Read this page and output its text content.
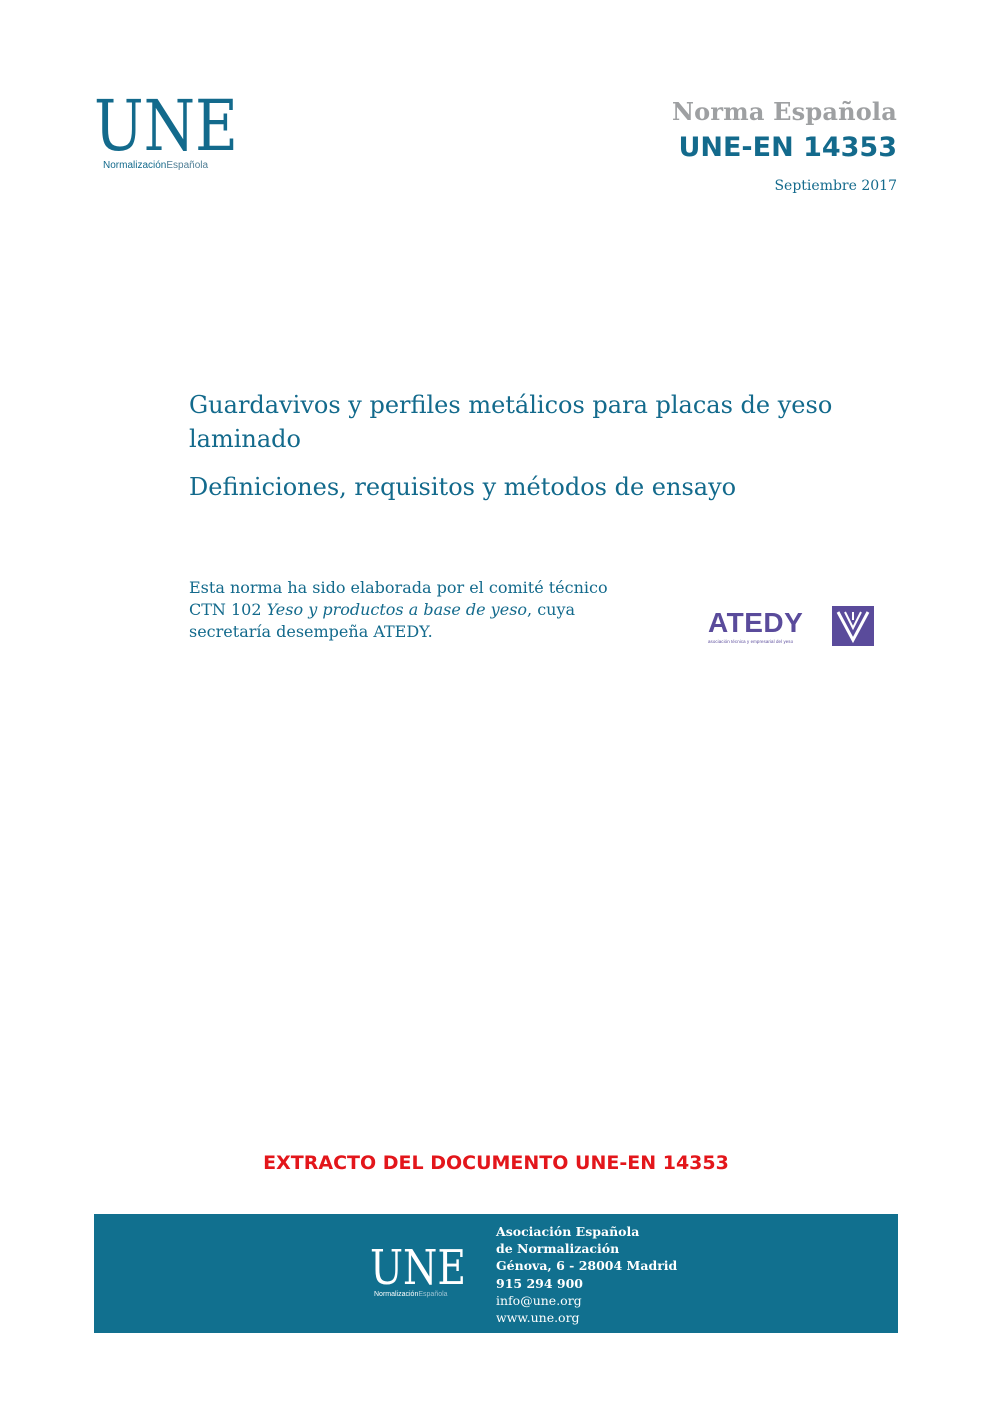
UNE
NormalizaciónEspañola
Norma Española
UNE-EN 14353
Septiembre 2017
Guardavivos y perfiles metálicos para placas de yeso laminado
Definiciones, requisitos y métodos de ensayo
Esta norma ha sido elaborada por el comité técnico
CTN 102 Yeso y productos a base de yeso, cuya
secretaría desempeña ATEDY.	ATEDY
asociación técnica y empresarial del yeso
EXTRACTO DEL DOCUMENTO UNE-EN 14353
UNE
NormalizaciónEspañola
Asociación Española
de Normalización
Génova, 6 - 28004 Madrid
915 294 900
info@une.org
www.une.org
